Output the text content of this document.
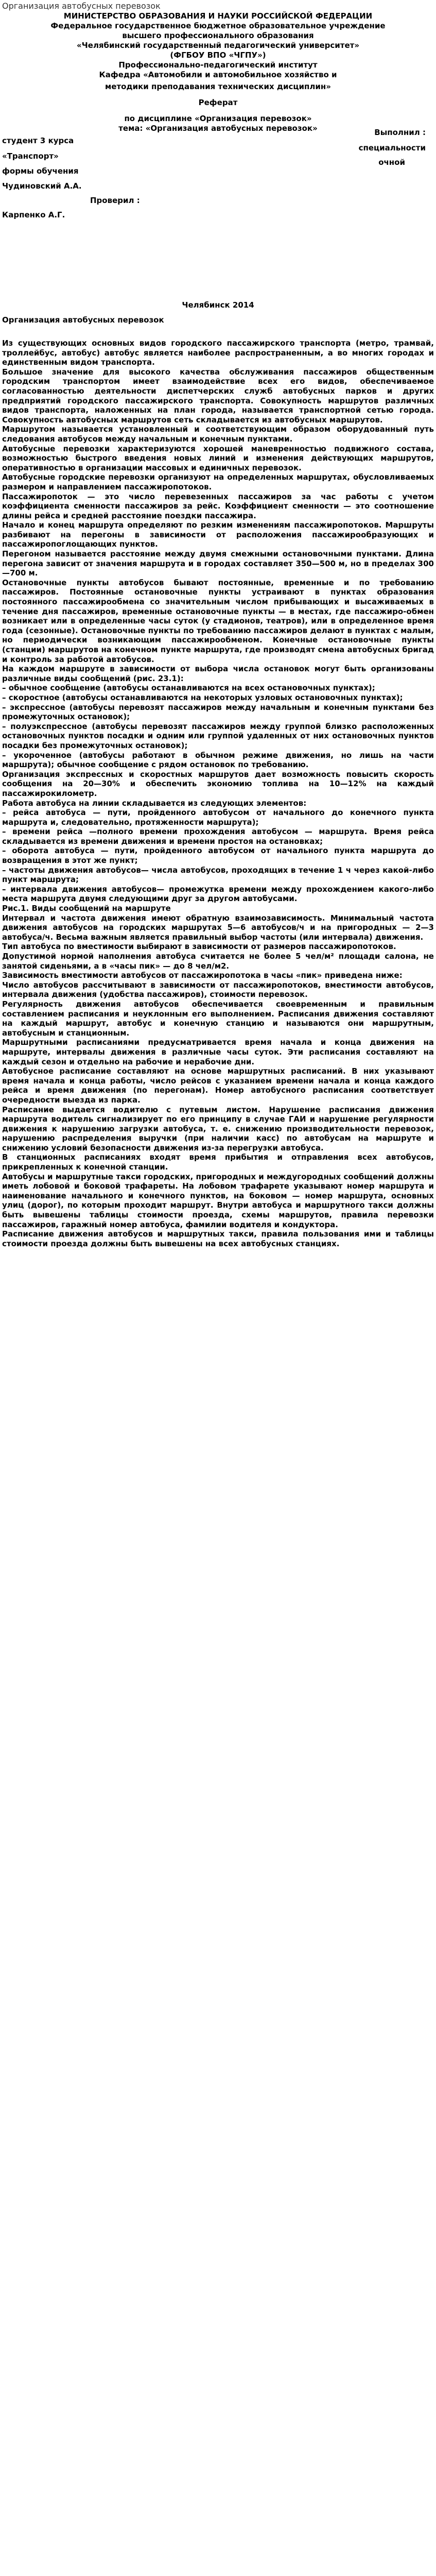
Организация автобусных перевозок
МИНИСТЕРСТВО ОБРАЗОВАНИЯ И НАУКИ РОССИЙСКОЙ ФЕДЕРАЦИИ
Федеральное государственное бюджетное образовательное учреждение
высшего профессионального образования
«Челябинский государственный педагогический университет»
(ФГБОУ ВПО «ЧГПУ»)
Профессионально-педагогический институт
Кафедра «Автомобили и автомобильное хозяйство и
методики преподавания технических дисциплин»
Реферат
по дисциплине «Организация перевозок»
тема: «Организация автобусных перевозок»	Выполнил :
студент 3 курса
специальности
«Транспорт»
очной
формы обучения
Чудиновский А.А.
Проверил :
Карпенко А.Г.
Челябинск 2014
Организация автобусных перевозок

Из существующих основных видов городского пассажирского транспорта (метро, трамвай, троллейбус, автобус) автобус является наиболее распространенным, а во многих городах и единственным видом транспорта.

Большое значение для высокого качества обслуживания пассажиров общественным городским транспортом имеет взаимодействие всех его видов, обеспечиваемое согласованностью деятельности диспетчерских служб автобусных парков и других предприятий городского пассажирского транспорта. Совокупность маршрутов различных видов транспорта, наложенных на план города, называется транспортной сетью города. Совокупность автобусных маршрутов сеть складывается из автобусных маршрутов.

Маршрутом называется установленный и соответствующим образом оборудованный путь следования автобусов между начальным и конечным пунктами.

Автобусные перевозки характеризуются хорошей маневренностью подвижного состава, возможностью быстрого введения новых линий и изменения действующих маршрутов, оперативностью в организации массовых и единичных перевозок.

Автобусные городские перевозки организуют на определенных маршрутах, обусловливаемых размером и направлением пассажиропотоков.

Пассажиропоток — это число перевезенных пассажиров за час работы с учетом коэффициента сменности пассажиров за рейс. Коэффициент сменности — это соотношение длины рейса и средней расстояние поездки пассажира.

Начало и конец маршрута определяют по резким изменениям пассажиропотоков. Маршруты разбивают на перегоны в зависимости от расположения пассажирообразующих и пассажиропоглощающих пунктов.

Перегоном называется расстояние между двумя смежными остановочными пунктами. Длина перегона зависит от значения маршрута и в городах составляет 350—500 м, но в пределах 300—700 м.

Остановочные пункты автобусов бывают постоянные, временные и по требованию пассажиров. Постоянные остановочные пункты устраивают в пунктах образования постоянного пассажирообмена со значительным числом прибывающих и высаживаемых в течение дня пассажиров, временные остановочные пункты — в местах, где пассажиро-обмен возникает или в определенные часы суток (у стадионов, театров), или в определенное время года (сезонные). Остановочные пункты по требованию пассажиров делают в пунктах с малым, но периодически возникающим пассажирообменом. Конечные остановочные пункты (станции) маршрутов на конечном пункте маршрута, где производят смена автобусных бригад и контроль за работой автобусов.

На каждом маршруте в зависимости от выбора числа остановок могут быть организованы различные виды сообщений (рис. 23.1):

– обычное сообщение (автобусы останавливаются на всех остановочных пунктах);

– скоростное (автобусы останавливаются на некоторых узловых остановочных пунктах);

– экспрессное (автобусы перевозят пассажиров между начальным и конечным пунктами без промежуточных остановок);

– полуэкспрессное (автобусы перевозят пассажиров между группой близко расположенных остановочных пунктов посадки и одним или группой удаленных от них остановочных пунктов посадки без промежуточных остановок);

– укороченное (автобусы работают в обычном режиме движения, но лишь на части маршрута); обычное сообщение с рядом остановок по требованию.

Организация экспрессных и скоростных маршрутов дает возможность повысить скорость сообщения на 20—30% и обеспечить экономию топлива на 10—12% на каждый пассажирокилометр.

Работа автобуса на линии складывается из следующих элементов:

– рейса автобуса — пути, пройденного автобусом от начального до конечного пункта маршрута и, следовательно, протяженности маршрута);

– времени рейса —полного времени прохождения автобусом — маршрута. Время рейса складывается из времени движения и времени простоя на остановках;

– оборота автобуса — пути, пройденного автобусом от начального пункта маршрута до возвращения в этот же пункт;

– частоты движения автобусов— числа автобусов, проходящих в течение 1 ч через какой-либо пункт маршрута;

– интервала движения автобусов— промежутка времени между прохождением какого-либо места маршрута двумя следующими друг за другом автобусами.

Рис.1. Виды сообщений на маршруте

Интервал и частота движения имеют обратную взаимозависимость. Минимальный частота движения автобусов на городских маршрутах 5—6 автобусов/ч и на пригородных — 2—3 автобуса/ч. Весьма важным является правильный выбор частоты (или интервала) движения.

Тип автобуса по вместимости выбирают в зависимости от размеров пассажиропотоков.

Допустимой нормой наполнения автобуса считается не более 5 чел/м² площади салона, не занятой сиденьями, а в «часы пик» — до 8 чел/м2.

Зависимость вместимости автобусов от пассажиропотока в часы «пик» приведена ниже:

Число автобусов рассчитывают в зависимости от пассажиропотоков, вместимости автобусов, интервала движения (удобства пассажиров), стоимости перевозок.

Регулярность движения автобусов обеспечивается своевременным и правильным составлением расписания и неуклонным его выполнением. Расписания движения составляют на каждый маршрут, автобус и конечную станцию и называются они маршрутным, автобусным и станционным.

Маршрутными расписаниями предусматривается время начала и конца движения на маршруте, интервалы движения в различные часы суток. Эти расписания составляют на каждый сезон и отдельно на рабочие и нерабочие дни.

Автобусное расписание составляют на основе маршрутных расписаний. В них указывают время начала и конца работы, число рейсов с указанием времени начала и конца каждого рейса и время движения (по перегонам). Номер автобусного расписания соответствует очередности выезда из парка.

Расписание выдается водителю с путевым листом. Нарушение расписания движения маршрута водитель сигнализирует по его принципу в случае ГАИ и нарушение регулярности движения к нарушению загрузки автобуса, т. е. снижению производительности перевозок, нарушению распределения выручки (при наличии касс) по автобусам на маршруте и снижению условий безопасности движения из-за перегрузки автобуса.

В станционных расписаниях входят время прибытия и отправления всех автобусов, прикрепленных к конечной станции.

Автобусы и маршрутные такси городских, пригородных и междугородных сообщений должны иметь лобовой и боковой трафареты. На лобовом трафарете указывают номер маршрута и наименование начального и конечного пунктов, на боковом — номер маршрута, основных улиц (дорог), по которым проходит маршрут. Внутри автобуса и маршрутного такси должны быть вывешены таблицы стоимости проезда, схемы маршрутов, правила перевозки пассажиров, гаражный номер автобуса, фамилии водителя и кондуктора.

Расписание движения автобусов и маршрутных такси, правила пользования ими и таблицы стоимости проезда должны быть вывешены на всех автобусных станциях.
